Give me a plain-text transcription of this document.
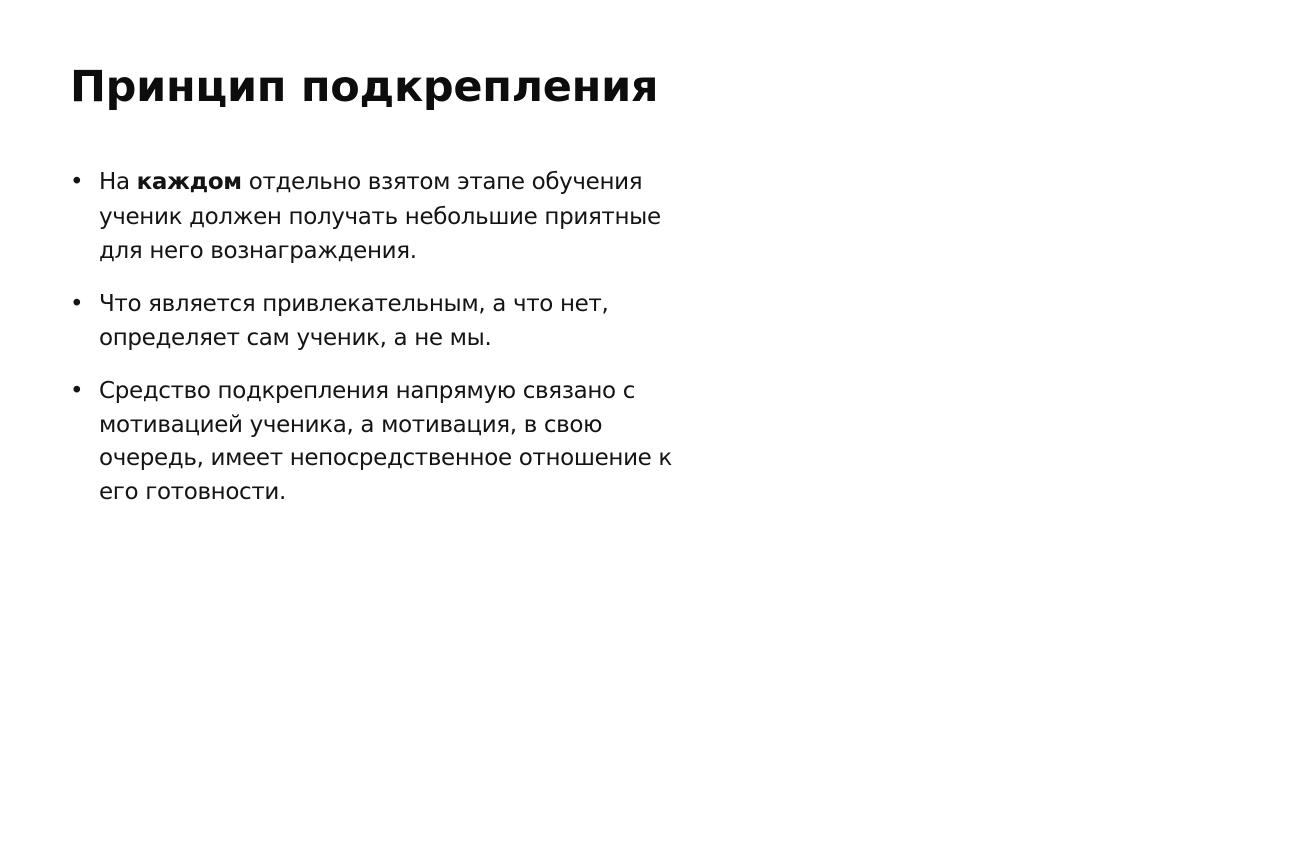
Принцип подкрепления
• На каждом отдельно взятом этапе обучения
ученик должен получать небольшие приятные для него вознаграждения.
• Что является привлекательным, а что нет, определяет сам ученик, а не мы.
• Средство подкрепления напрямую связано с мотивацией ученика, а мотивация, в свою очередь, имеет непосредственное отношение к его готовности.
